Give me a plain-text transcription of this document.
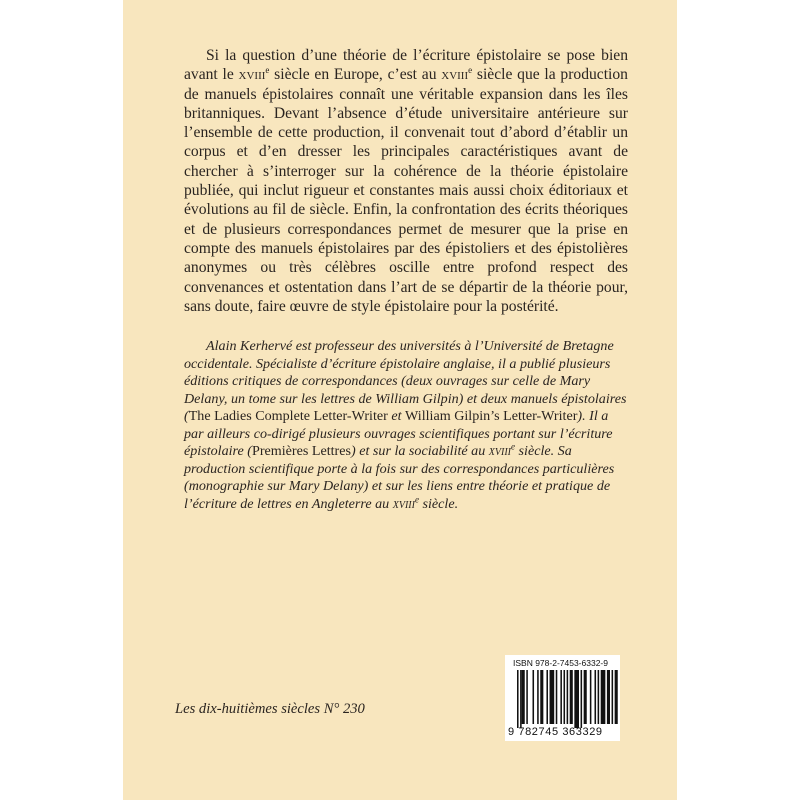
Si la question d’une théorie de l’écriture épistolaire se pose bien avant le xviii$^e$ siècle en Europe, c’est au xviii$^e$ siècle que la production de manuels épistolaires connaît une véritable expansion dans les îles britanniques. Devant l’absence d’étude universitaire antérieure sur l’ensemble de cette production, il convenait tout d’abord d’établir un corpus et d’en dresser les principales caractéristiques avant de chercher à s’interroger sur la cohérence de la théorie épistolaire publiée, qui inclut rigueur et constantes mais aussi choix éditoriaux et évolutions au fil de siècle. Enfin, la confrontation des écrits théoriques et de plusieurs correspondances permet de mesurer que la prise en compte des manuels épistolaires par des épistoliers et des épistolières anonymes ou très célèbres oscille entre profond respect des convenances et ostentation dans l’art de se départir de la théorie pour, sans doute, faire œuvre de style épistolaire pour la postérité.

Alain Kerhervé est professeur des universités à l’Université de Bretagne occidentale. Spécialiste d’écriture épistolaire anglaise, il a publié plusieurs éditions critiques de correspondances (deux ouvrages sur celle de Mary Delany, un tome sur les lettres de William Gilpin) et deux manuels épistolaires (The Ladies Complete Letter-Writer et William Gilpin’s Letter-Writer). Il a par ailleurs co-dirigé plusieurs ouvrages scientifiques portant sur l’écriture épistolaire (Premières Lettres) et sur la sociabilité au xviii$^e$ siècle. Sa production scientifique porte à la fois sur des correspondances particulières (monographie sur Mary Delany) et sur les liens entre théorie et pratique de l’écriture de lettres en Angleterre au xviii$^e$ siècle.

Les dix-huitièmes siècles N° 230

ISBN 978-2-7453-6332-9

9 782745 363329
